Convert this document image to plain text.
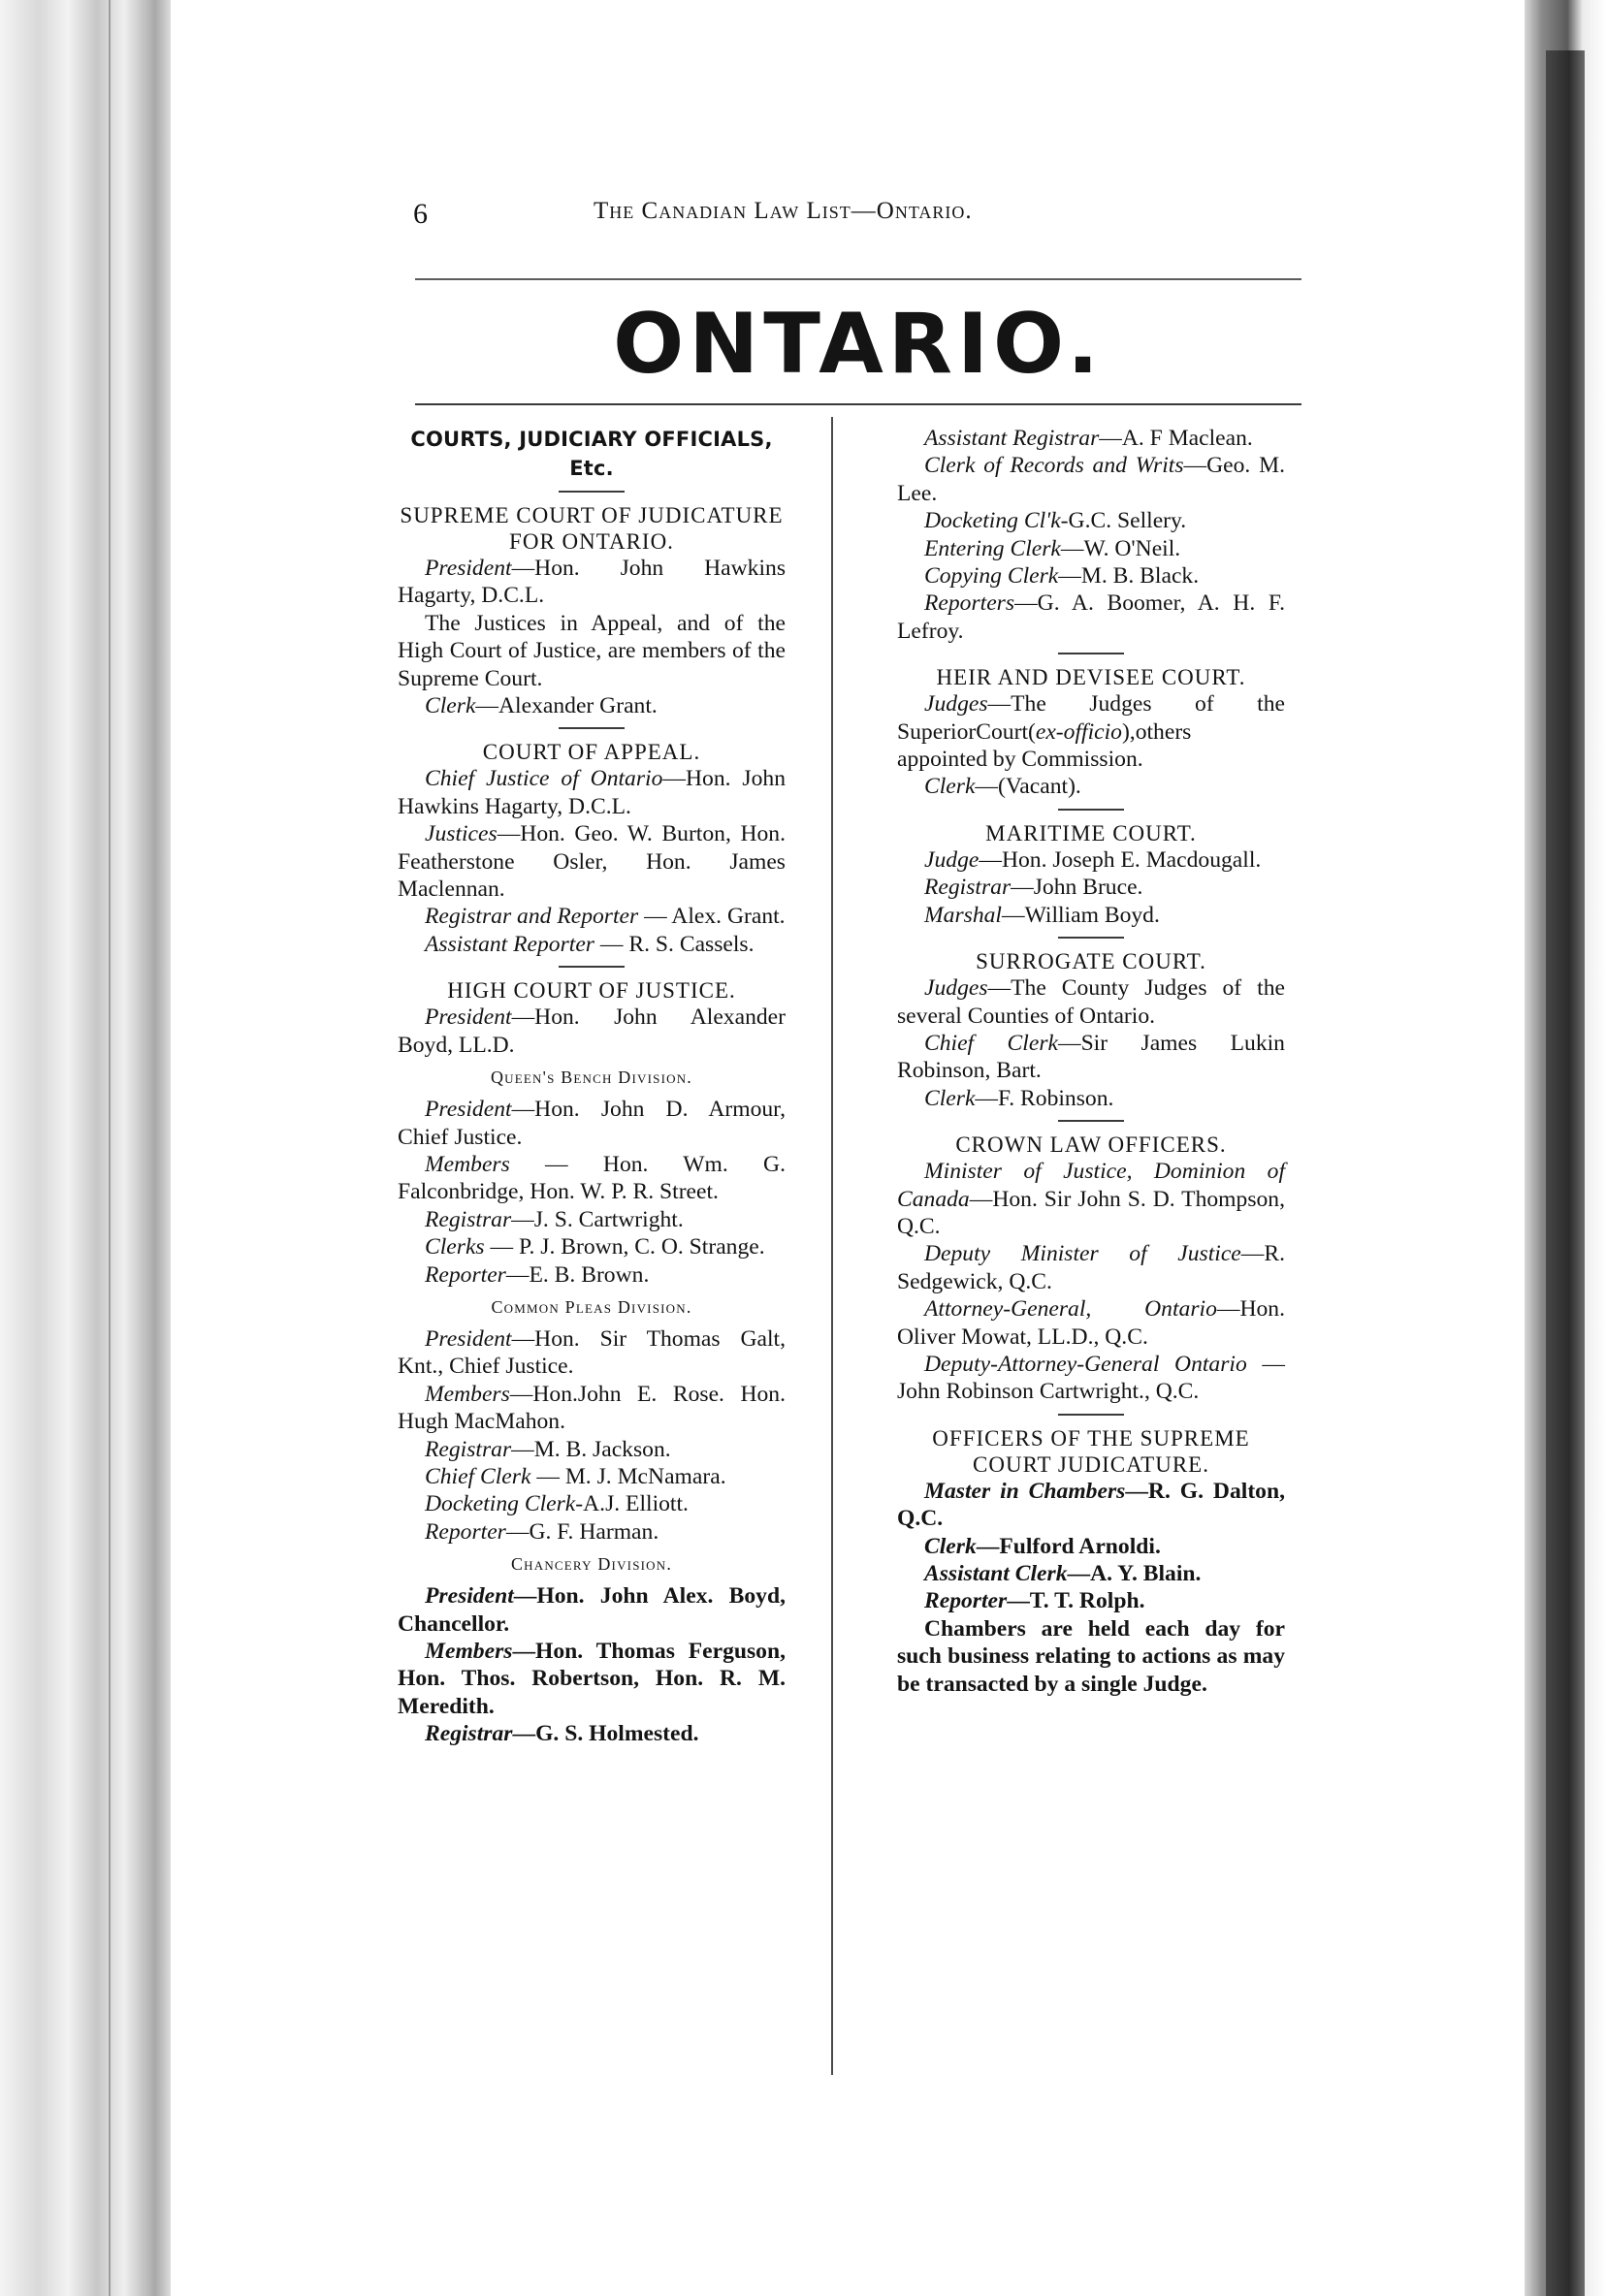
6	The Canadian Law List—Ontario.
ONTARIO.
COURTS, JUDICIARY OFFICIALS, Etc.

SUPREME COURT OF JUDICATURE FOR ONTARIO.

President—Hon. John Hawkins Hagarty, D.C.L.

The Justices in Appeal, and of the High Court of Justice, are members of the Supreme Court.

Clerk—Alexander Grant.

COURT OF APPEAL.

Chief Justice of Ontario—Hon. John Hawkins Hagarty, D.C.L.

Justices—Hon. Geo. W. Burton, Hon. Featherstone Osler, Hon. James Maclennan.

Registrar and Reporter — Alex. Grant.

Assistant Reporter — R. S. Cassels.

HIGH COURT OF JUSTICE.

President—Hon. John Alexander Boyd, LL.D.

Queen's Bench Division.

President—Hon. John D. Armour, Chief Justice.

Members — Hon. Wm. G. Falconbridge, Hon. W. P. R. Street.

Registrar—J. S. Cartwright.

Clerks — P. J. Brown, C. O. Strange.

Reporter—E. B. Brown.

Common Pleas Division.

President—Hon. Sir Thomas Galt, Knt., Chief Justice.

Members—Hon.John E. Rose. Hon. Hugh MacMahon.

Registrar—M. B. Jackson.

Chief Clerk — M. J. McNamara.

Docketing Clerk-A.J. Elliott.

Reporter—G. F. Harman.

Chancery Division.

President—Hon. John Alex. Boyd, Chancellor.

Members—Hon. Thomas Ferguson, Hon. Thos. Robertson, Hon. R. M. Meredith.

Registrar—G. S. Holmested.

Assistant Registrar—A. F Maclean.

Clerk of Records and Writs—Geo. M. Lee.

Docketing Cl'k-G.C. Sellery.

Entering Clerk—W. O'Neil.

Copying Clerk—M. B. Black.

Reporters—G. A. Boomer, A. H. F. Lefroy.

HEIR AND DEVISEE COURT.

Judges—The Judges of the SuperiorCourt(ex-officio),others appointed by Commission.

Clerk—(Vacant).

MARITIME COURT.

Judge—Hon. Joseph E. Macdougall.

Registrar—John Bruce.

Marshal—William Boyd.

SURROGATE COURT.

Judges—The County Judges of the several Counties of Ontario.

Chief Clerk—Sir James Lukin Robinson, Bart.

Clerk—F. Robinson.

CROWN LAW OFFICERS.

Minister of Justice, Dominion of Canada—Hon. Sir John S. D. Thompson, Q.C.

Deputy Minister of Justice—R. Sedgewick, Q.C.

Attorney-General, Ontario—Hon. Oliver Mowat, LL.D., Q.C.

Deputy-Attorney-General Ontario — John Robinson Cartwright., Q.C.

OFFICERS OF THE SUPREME COURT JUDICATURE.

Master in Chambers—R. G. Dalton, Q.C.

Clerk—Fulford Arnoldi.

Assistant Clerk—A. Y. Blain.

Reporter—T. T. Rolph.

Chambers are held each day for such business relating to actions as may be transacted by a single Judge.
